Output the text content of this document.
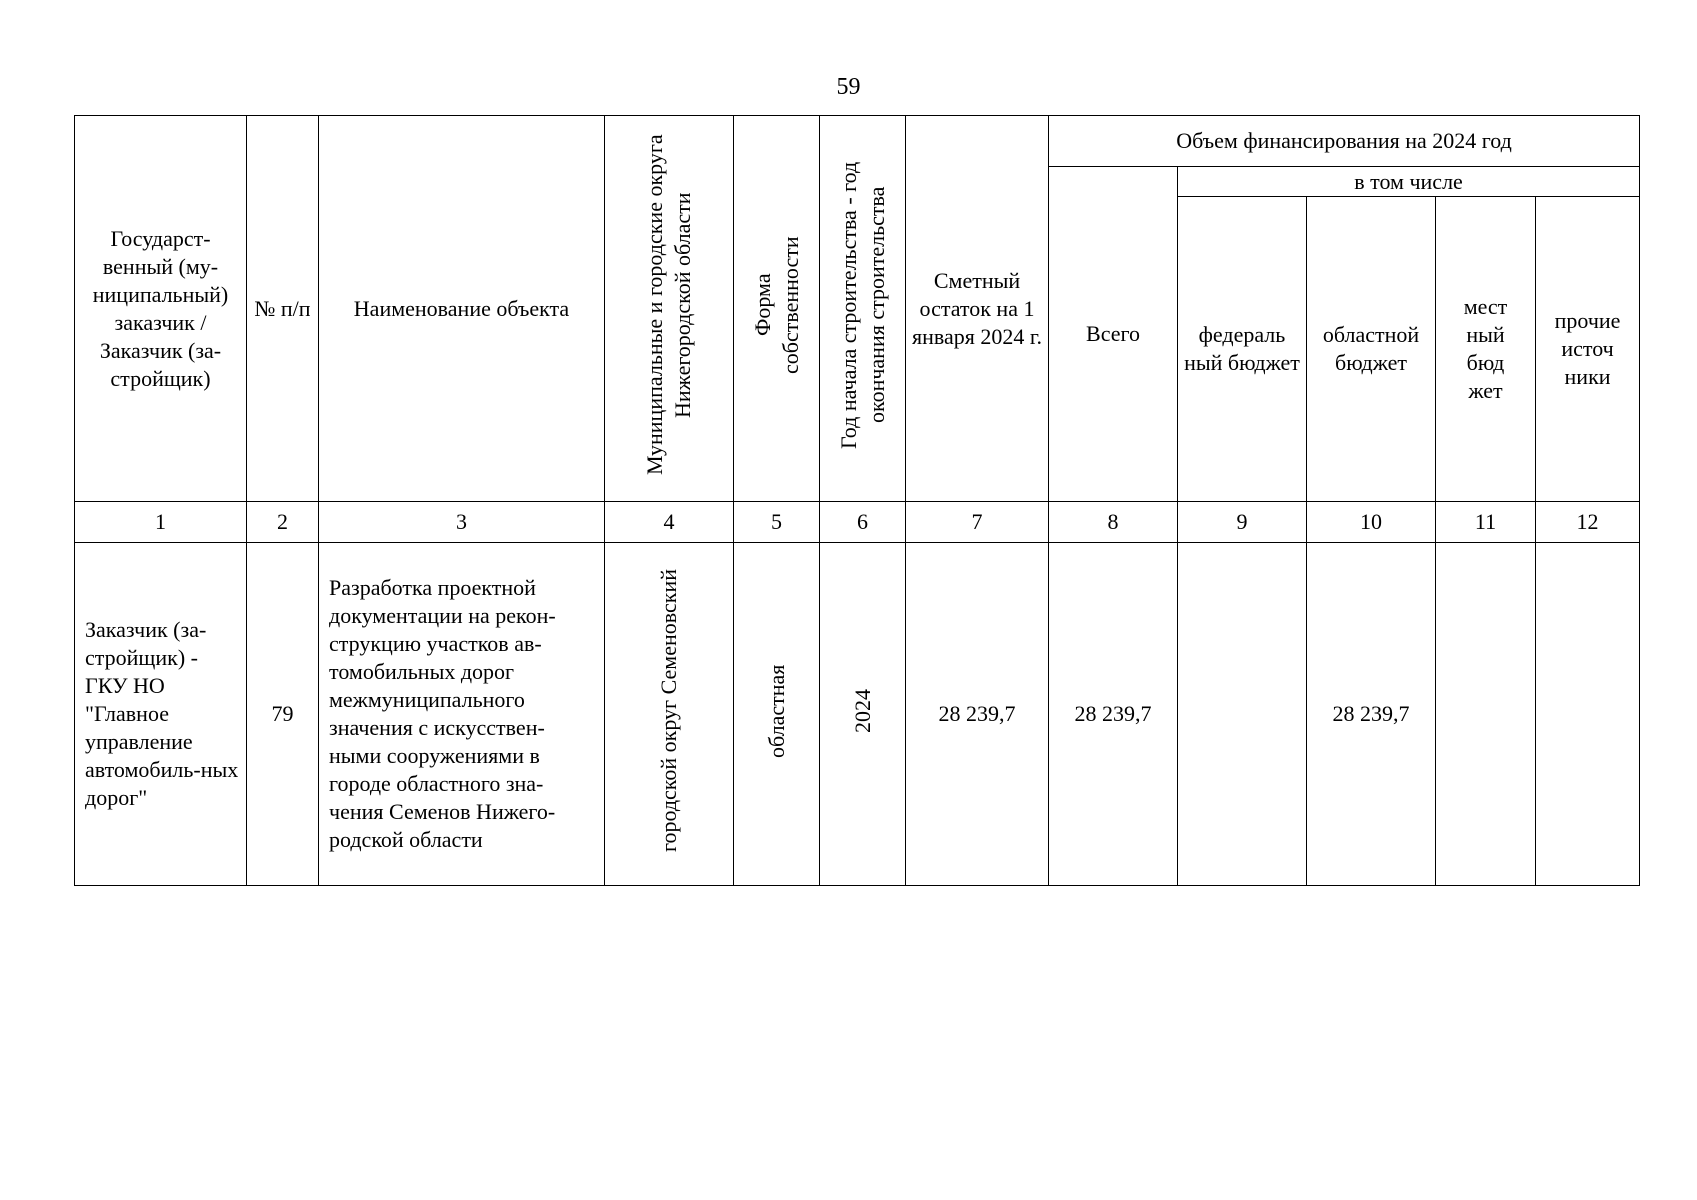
59
Государст-венный (му-ниципальный) заказчик / Заказчик (за-стройщик)	№ п/п	Наименование объекта	Муниципальные и городские округа Нижегородской области	Форма собственности	Год начала строительства - год окончания строительства	Сметный остаток на 1 января 2024 г.	Объем финансирования на 2024 год				

							Всего	в том числе			

								федераль ный бюджет	областной бюджет	мест ный бюд жет	прочие источ ники

1	2	3	4	5	6	7	8	9	10	11	12
Заказчик (за-стройщик) - ГКУ НО "Главное управление автомобиль-ных дорог"	79	Разработка проектной документации на рекон-струкцию участков ав-томобильных дорог межмуниципального значения с искусствен-ными сооружениями в городе областного зна-чения Семенов Нижего-родской области	городской округ Семеновский	областная	2024	28 239,7	28 239,7		28 239,7		
